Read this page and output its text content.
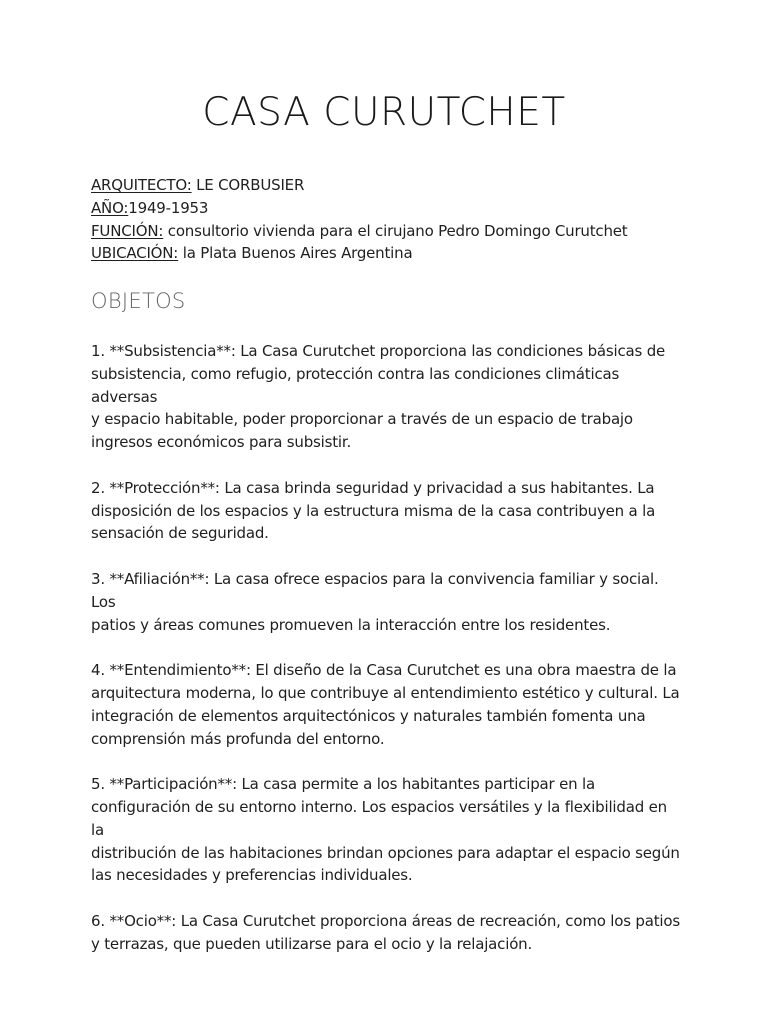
CASA CURUTCHET
ARQUITECTO: LE CORBUSIER
AÑO:1949-1953
FUNCIÓN: consultorio vivienda para el cirujano Pedro Domingo Curutchet
UBICACIÓN: la Plata Buenos Aires Argentina
OBJETOS
1. **Subsistencia**: La Casa Curutchet proporciona las condiciones básicas de
subsistencia, como refugio, protección contra las condiciones climáticas adversas
y espacio habitable, poder proporcionar a través de un espacio de trabajo
ingresos económicos para subsistir.
2. **Protección**: La casa brinda seguridad y privacidad a sus habitantes. La
disposición de los espacios y la estructura misma de la casa contribuyen a la
sensación de seguridad.
3. **Afiliación**: La casa ofrece espacios para la convivencia familiar y social. Los
patios y áreas comunes promueven la interacción entre los residentes.
4. **Entendimiento**: El diseño de la Casa Curutchet es una obra maestra de la
arquitectura moderna, lo que contribuye al entendimiento estético y cultural. La
integración de elementos arquitectónicos y naturales también fomenta una
comprensión más profunda del entorno.
5. **Participación**: La casa permite a los habitantes participar en la
configuración de su entorno interno. Los espacios versátiles y la flexibilidad en la
distribución de las habitaciones brindan opciones para adaptar el espacio según
las necesidades y preferencias individuales.
6. **Ocio**: La Casa Curutchet proporciona áreas de recreación, como los patios
y terrazas, que pueden utilizarse para el ocio y la relajación.
